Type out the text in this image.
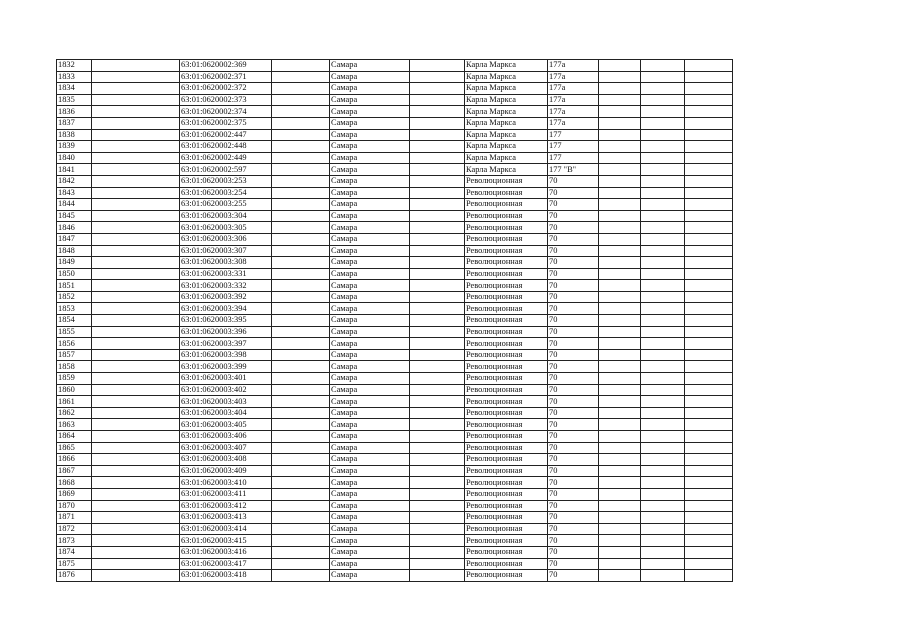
1832		63:01:0620002:369		Самара		Карла Маркса	177а			
1833		63:01:0620002:371		Самара		Карла Маркса	177а			
1834		63:01:0620002:372		Самара		Карла Маркса	177а			
1835		63:01:0620002:373		Самара		Карла Маркса	177а			
1836		63:01:0620002:374		Самара		Карла Маркса	177а			
1837		63:01:0620002:375		Самара		Карла Маркса	177а			
1838		63:01:0620002:447		Самара		Карла Маркса	177			
1839		63:01:0620002:448		Самара		Карла Маркса	177			
1840		63:01:0620002:449		Самара		Карла Маркса	177			
1841		63:01:0620002:597		Самара		Карла Маркса	177 "В"			
1842		63:01:0620003:253		Самара		Революционная	70			
1843		63:01:0620003:254		Самара		Революционная	70			
1844		63:01:0620003:255		Самара		Революционная	70			
1845		63:01:0620003:304		Самара		Революционная	70			
1846		63:01:0620003:305		Самара		Революционная	70			
1847		63:01:0620003:306		Самара		Революционная	70			
1848		63:01:0620003:307		Самара		Революционная	70			
1849		63:01:0620003:308		Самара		Революционная	70			
1850		63:01:0620003:331		Самара		Революционная	70			
1851		63:01:0620003:332		Самара		Революционная	70			
1852		63:01:0620003:392		Самара		Революционная	70			
1853		63:01:0620003:394		Самара		Революционная	70			
1854		63:01:0620003:395		Самара		Революционная	70			
1855		63:01:0620003:396		Самара		Революционная	70			
1856		63:01:0620003:397		Самара		Революционная	70			
1857		63:01:0620003:398		Самара		Революционная	70			
1858		63:01:0620003:399		Самара		Революционная	70			
1859		63:01:0620003:401		Самара		Революционная	70			
1860		63:01:0620003:402		Самара		Революционная	70			
1861		63:01:0620003:403		Самара		Революционная	70			
1862		63:01:0620003:404		Самара		Революционная	70			
1863		63:01:0620003:405		Самара		Революционная	70			
1864		63:01:0620003:406		Самара		Революционная	70			
1865		63:01:0620003:407		Самара		Революционная	70			
1866		63:01:0620003:408		Самара		Революционная	70			
1867		63:01:0620003:409		Самара		Революционная	70			
1868		63:01:0620003:410		Самара		Революционная	70			
1869		63:01:0620003:411		Самара		Революционная	70			
1870		63:01:0620003:412		Самара		Революционная	70			
1871		63:01:0620003:413		Самара		Революционная	70			
1872		63:01:0620003:414		Самара		Революционная	70			
1873		63:01:0620003:415		Самара		Революционная	70			
1874		63:01:0620003:416		Самара		Революционная	70			
1875		63:01:0620003:417		Самара		Революционная	70			
1876		63:01:0620003:418		Самара		Революционная	70			
